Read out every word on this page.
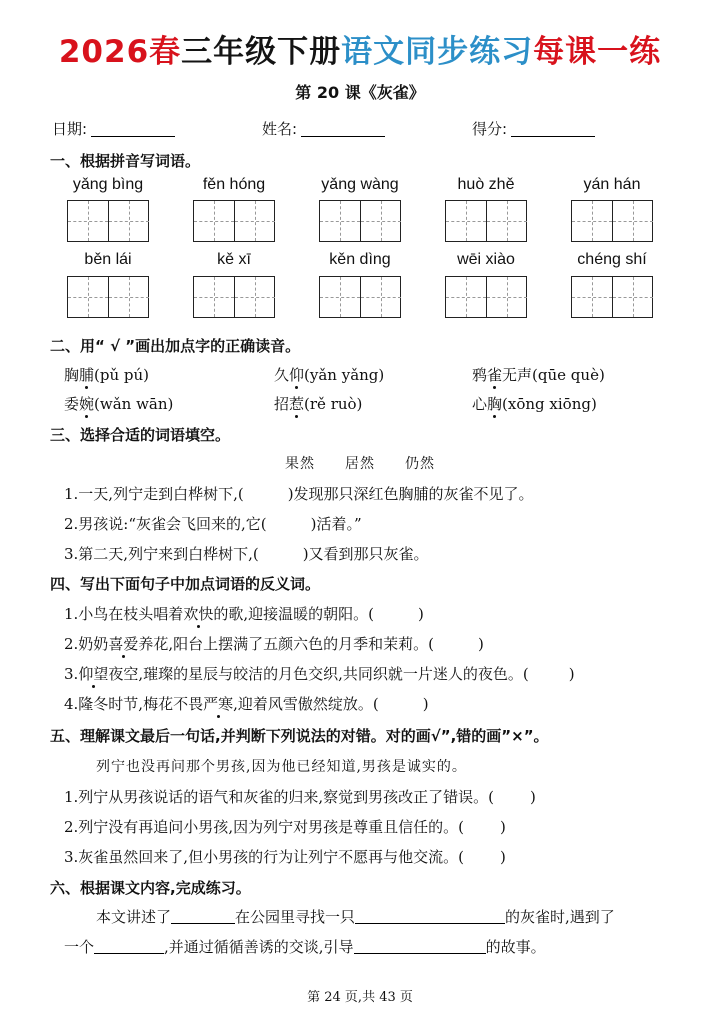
2026春三年级下册语文同步练习每课一练
第 20 课《灰雀》
日期:	姓名:	得分:
一、根据拼音写词语。
yǎng bìng	fěn hóng	yǎng wàng	huò zhě	yán hán
běn lái	kě xī	kěn dìng	wēi xiào	chéng shí
二、用“ √ ”画出加点字的正确读音。
胸脯(pǔ pú)	久仰(yǎn yǎng)	鸦雀无声(qūe què)
委婉(wǎn wān)	招惹(rě ruò)	心胸(xōng xiōng)
三、选择合适的词语填空。
果然 居然 仍然
1.一天,列宁走到白桦树下,(	)发现那只深红色胸脯的灰雀不见了。
2.男孩说:“灰雀会飞回来的,它(	)活着。”
3.第二天,列宁来到白桦树下,(	)又看到那只灰雀。
四、写出下面句子中加点词语的反义词。
1.小鸟在枝头唱着欢快的歌,迎接温暖的朝阳。(	)
2.奶奶喜爱养花,阳台上摆满了五颜六色的月季和茉莉。(	)
3.仰望夜空,璀璨的星辰与皎洁的月色交织,共同织就一片迷人的夜色。(	)
4.隆冬时节,梅花不畏严寒,迎着风雪傲然绽放。(	)
五、理解课文最后一句话,并判断下列说法的对错。对的画√”,错的画”×”。
列宁也没再问那个男孩,因为他已经知道,男孩是诚实的。
1.列宁从男孩说话的语气和灰雀的归来,察觉到男孩改正了错误。( )
2.列宁没有再追问小男孩,因为列宁对男孩是尊重且信任的。( )
3.灰雀虽然回来了,但小男孩的行为让列宁不愿再与他交流。( )
六、根据课文内容,完成练习。
本文讲述了	在公园里寻找一只	的灰雀时,遇到了
一个	,并通过循循善诱的交谈,引导	的故事。
第 24 页,共 43 页
